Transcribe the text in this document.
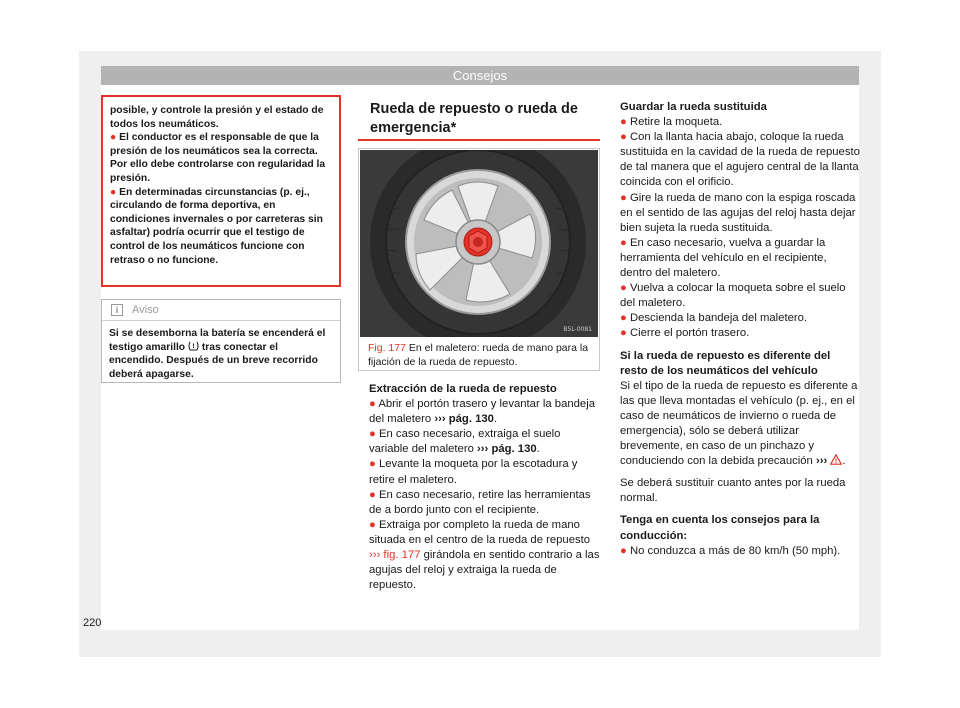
Consejos

posible, y controle la presión y el estado de todos los neumáticos.

● El conductor es el responsable de que la presión de los neumáticos sea la correcta. Por ello debe controlarse con regularidad la presión.

● En determinadas circunstancias (p. ej., circulando de forma deportiva, en condiciones invernales o por carreteras sin asfaltar) podría ocurrir que el testigo de control de los neumáticos funcione con retraso o no funcione.

i	Aviso
Si se desemborna la batería se encenderá el testigo amarillo ! tras conectar el encendido. Después de un breve recorrido deberá apagarse.
Rueda de repuesto o rueda de emergencia*
B5L-0081
Fig. 177 En el maletero: rueda de mano para la fijación de la rueda de repuesto.

Extracción de la rueda de repuesto

● Abrir el portón trasero y levantar la bandeja del maletero ››› pág. 130.

● En caso necesario, extraiga el suelo variable del maletero ››› pág. 130.

● Levante la moqueta por la escotadura y retire el maletero.

● En caso necesario, retire las herramientas de a bordo junto con el recipiente.

● Extraiga por completo la rueda de mano situada en el centro de la rueda de repuesto ››› fig. 177 girándola en sentido contrario a las agujas del reloj y extraiga la rueda de repuesto.

Guardar la rueda sustituida

● Retire la moqueta.

● Con la llanta hacia abajo, coloque la rueda sustituida en la cavidad de la rueda de repuesto de tal manera que el agujero central de la llanta coincida con el orificio.

● Gire la rueda de mano con la espiga roscada en el sentido de las agujas del reloj hasta dejar bien sujeta la rueda sustituida.

● En caso necesario, vuelva a guardar la herramienta del vehículo en el recipiente, dentro del maletero.

● Vuelva a colocar la moqueta sobre el suelo del maletero.

● Descienda la bandeja del maletero.

● Cierre el portón trasero.

Si la rueda de repuesto es diferente del resto de los neumáticos del vehículo

Si el tipo de la rueda de repuesto es diferente a las que lleva montadas el vehículo (p. ej., en el caso de neumáticos de invierno o rueda de emergencia), sólo se deberá utilizar brevemente, en caso de un pinchazo y conduciendo con la debida precaución ››› ! .

Se deberá sustituir cuanto antes por la rueda normal.

Tenga en cuenta los consejos para la conducción:

● No conduzca a más de 80 km/h (50 mph).

220
